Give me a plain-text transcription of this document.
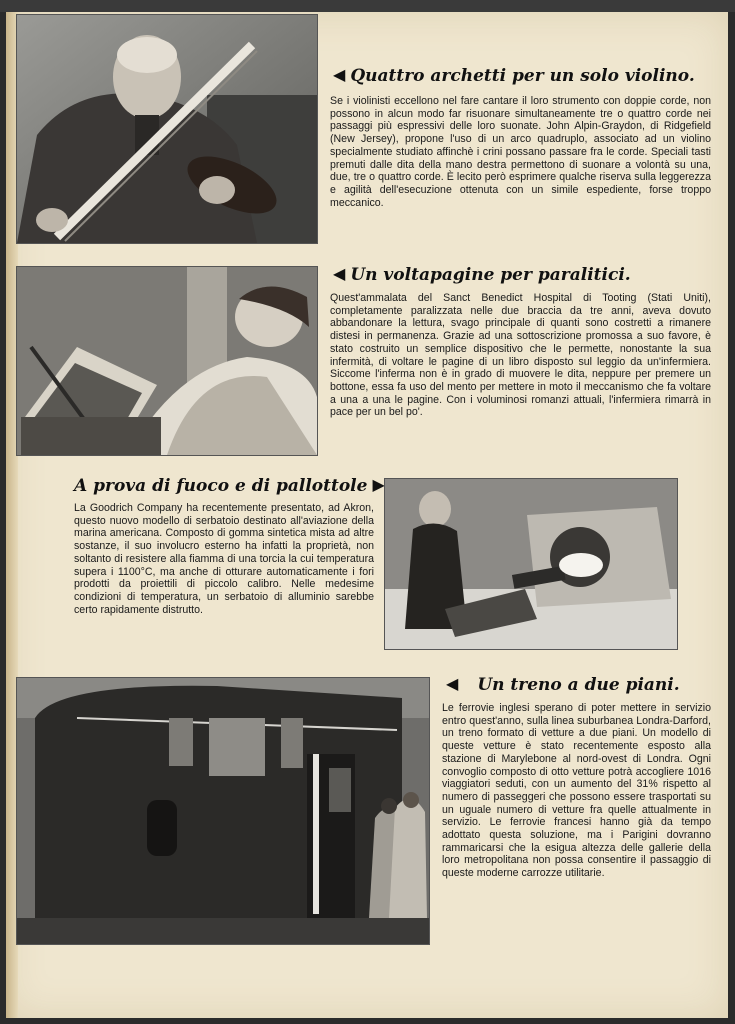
◀ Quattro archetti per un solo violino.

Se i violinisti eccellono nel fare cantare il loro strumento con doppie corde, non possono in alcun modo far risuonare simultaneamente tre o quattro corde nei passaggi più espressivi delle loro suonate. John Alpin-Graydon, di Ridgefield (New Jersey), propone l'uso di un arco quadruplo, associato ad un violino specialmente studiato affinchè i crini possano passare fra le corde. Speciali tasti premuti dalle dita della mano destra permettono di suonare a volontà su una, due, tre o quattro corde. È lecito però esprimere qualche riserva sulla leggerezza e agilità dell'esecuzione ottenuta con un simile espediente, forse troppo meccanico.

◀ Un voltapagine per paralitici.

Quest'ammalata del Sanct Benedict Hospital di Tooting (Stati Uniti), completamente paralizzata nelle due braccia da tre anni, aveva dovuto abbandonare la lettura, svago principale di quanti sono costretti a rimanere distesi in permanenza. Grazie ad una sottoscrizione promossa a suo favore, è stato costruito un semplice dispositivo che le permette, nonostante la sua infermità, di voltare le pagine di un libro disposto sul leggio da un'infermiera. Siccome l'inferma non è in grado di muovere le dita, neppure per premere un bottone, essa fa uso del mento per mettere in moto il meccanismo che fa voltare a una a una le pagine. Con i voluminosi romanzi attuali, l'infermiera rimarrà in pace per un bel po'.

A prova di fuoco e di pallottole ▶

La Goodrich Company ha recentemente presentato, ad Akron, questo nuovo modello di serbatoio destinato all'aviazione della marina americana. Composto di gomma sintetica mista ad altre sostanze, il suo involucro esterno ha infatti la proprietà, non soltanto di resistere alla fiamma di una torcia la cui temperatura supera i 1100°C, ma anche di otturare automaticamente i fori prodotti da proiettili di piccolo calibro. Nelle medesime condizioni di temperatura, un serbatoio di alluminio sarebbe certo rapidamente distrutto.

◀ Un treno a due piani.

Le ferrovie inglesi sperano di poter mettere in servizio entro quest'anno, sulla linea suburbanea Londra-Darford, un treno formato di vetture a due piani. Un modello di queste vetture è stato recentemente esposto alla stazione di Marylebone al nord-ovest di Londra. Ogni convoglio composto di otto vetture potrà accogliere 1016 viaggiatori seduti, con un aumento del 31% rispetto al numero di passeggeri che possono essere trasportati su un uguale numero di vetture fra quelle attualmente in servizio. Le ferrovie francesi hanno già da tempo adottato questa soluzione, ma i Parigini dovranno rammaricarsi che la esigua altezza delle gallerie della loro metropolitana non possa consentire il passaggio di queste moderne carrozze utilitarie.
